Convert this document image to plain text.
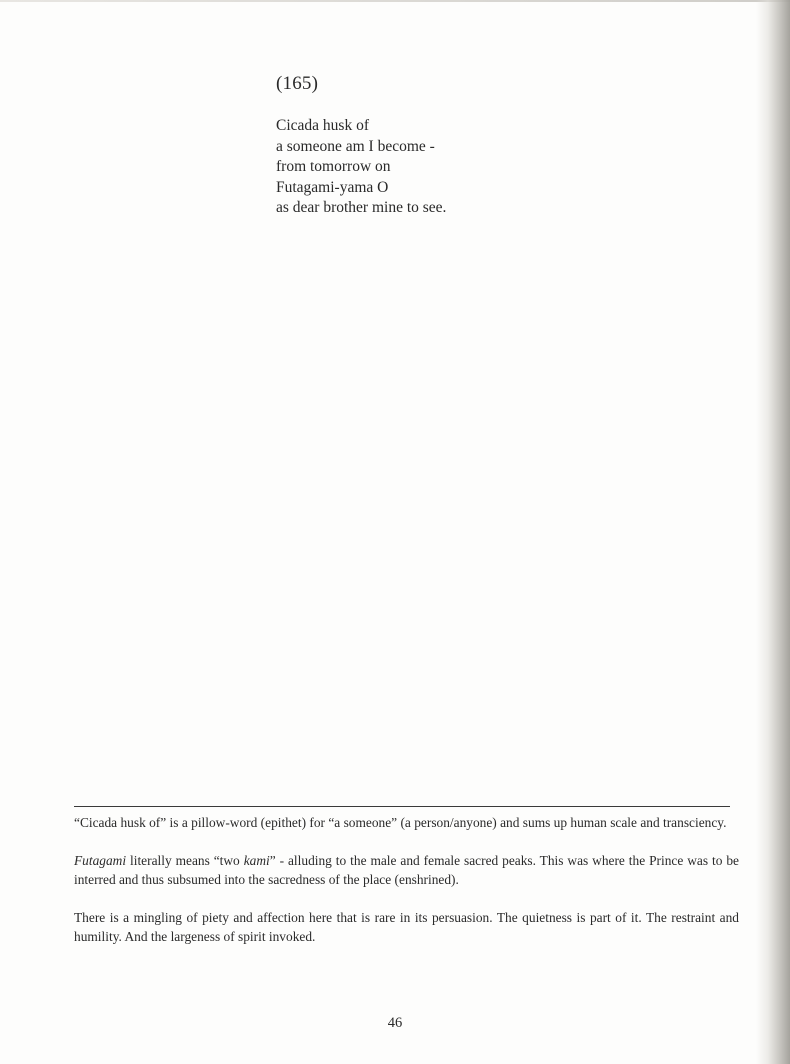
(165)
Cicada husk of
a someone am I become -
from tomorrow on
Futagami-yama O
as dear brother mine to see.

“Cicada husk of” is a pillow-word (epithet) for “a someone” (a person/anyone) and sums up human scale and transciency.

Futagami literally means “two kami” - alluding to the male and female sacred peaks. This was where the Prince was to be interred and thus subsumed into the sacredness of the place (enshrined).

There is a mingling of piety and affection here that is rare in its persuasion. The quietness is part of it. The restraint and humility. And the largeness of spirit invoked.

46
